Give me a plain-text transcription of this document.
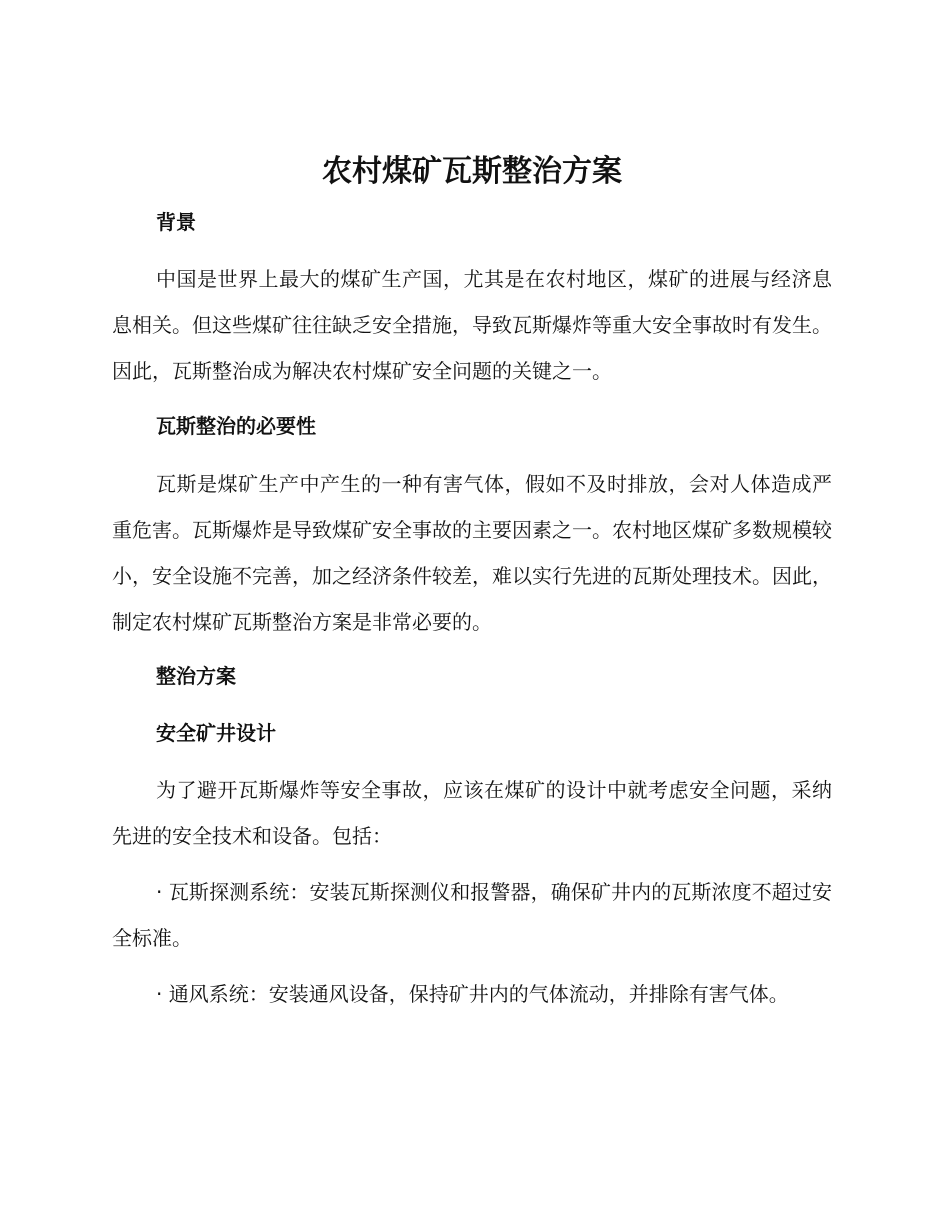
农村煤矿瓦斯整治方案
背景

中国是世界上最大的煤矿生产国，尤其是在农村地区，煤矿的进展与经济息息相关。但这些煤矿往往缺乏安全措施，导致瓦斯爆炸等重大安全事故时有发生。因此，瓦斯整治成为解决农村煤矿安全问题的关键之一。

瓦斯整治的必要性

瓦斯是煤矿生产中产生的一种有害气体，假如不及时排放，会对人体造成严重危害。瓦斯爆炸是导致煤矿安全事故的主要因素之一。农村地区煤矿多数规模较小，安全设施不完善，加之经济条件较差，难以实行先进的瓦斯处理技术。因此，制定农村煤矿瓦斯整治方案是非常必要的。

整治方案
安全矿井设计

为了避开瓦斯爆炸等安全事故，应该在煤矿的设计中就考虑安全问题，采纳先进的安全技术和设备。包括：

· 瓦斯探测系统：安装瓦斯探测仪和报警器，确保矿井内的瓦斯浓度不超过安全标准。

· 通风系统：安装通风设备，保持矿井内的气体流动，并排除有害气体。
